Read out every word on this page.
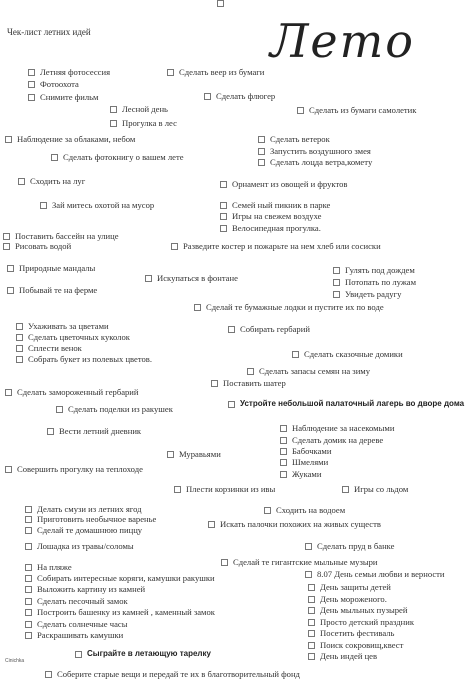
Чек-лист летних идей	Лето
Летняя фотосессия
Фотоохота
Снимите фильм
Сделать веер из бумаги
Сделать флюгер
Лесной день
Прогулка в лес
Сделать из бумаги самолетик
Наблюдение за облаками, небом	Сделать ветерок
Запустить воздушного змея
Сделать фотокнигу о вашем лете	Сделать лоцда ветра,кометy
Сходить на луг	Орнамент из овощей и фруктов
Зай митесь охотой на мусор	Семей ный пикник в парке
Игры на свежем воздухе
Велосипедная прогулка.
Поставить бассейн на улице
Рисовать водой	Разведите костер и пожарьте на нем хлеб или сосиски
Природные мандалы
Искупаться в фонтане
Гулять под дождем
Потопать по лужам
Побывай те на ферме	Увидеть радугу
Сделай те бумажные лодки и пустите их по воде
Ухаживать за цветами
Сделать цветочных куколок
Сплести венок
Собрать букет из полевых цветов.
Собирать гербарий
Сделать сказочные домики
Сделать запасы семян на зиму
Поставить шатер
Сделать замороженный гербарий
Сделать поделки из ракушек
Устройте небольшой палаточный лагерь во дворе дома
Вести летний дневник	Наблюдение за насекомыми
Муравьями
Сделать домик на дереве
Бабочками
Шмелями
Жуками
Совершить прогулку на теплоходе
Плести коpзинки из ивы	Игры со льдом
Делать смузи из летних ягод	Сходить на водоем
Приготовить необычное варенье	Искать палочки похожих на живых существ
Сделай те домашнюю пиццу
Лошадка из травы/соломы	Сделать пруд в банке
Сделай те гигантские мыльные музыри
На пляже
8.07 День семьи любви и верности
Собирать интересные коряги, камушки ракушки
Выложить картину из камней	День защиты детей
День мороженого.
Сделать песочный замок
День мыльных пузырей
Построить башенку из камней , каменный замок
Просто детский праздник
Сделать солнечные часы
Раскрашивать камушки	Посетить фестиваль
Поиск сокровищ,квест
Сыграйте в летающую тарелку	День индей цев
Соберите старые вещи и передай те их в благотворительный фонд
Cinichka
